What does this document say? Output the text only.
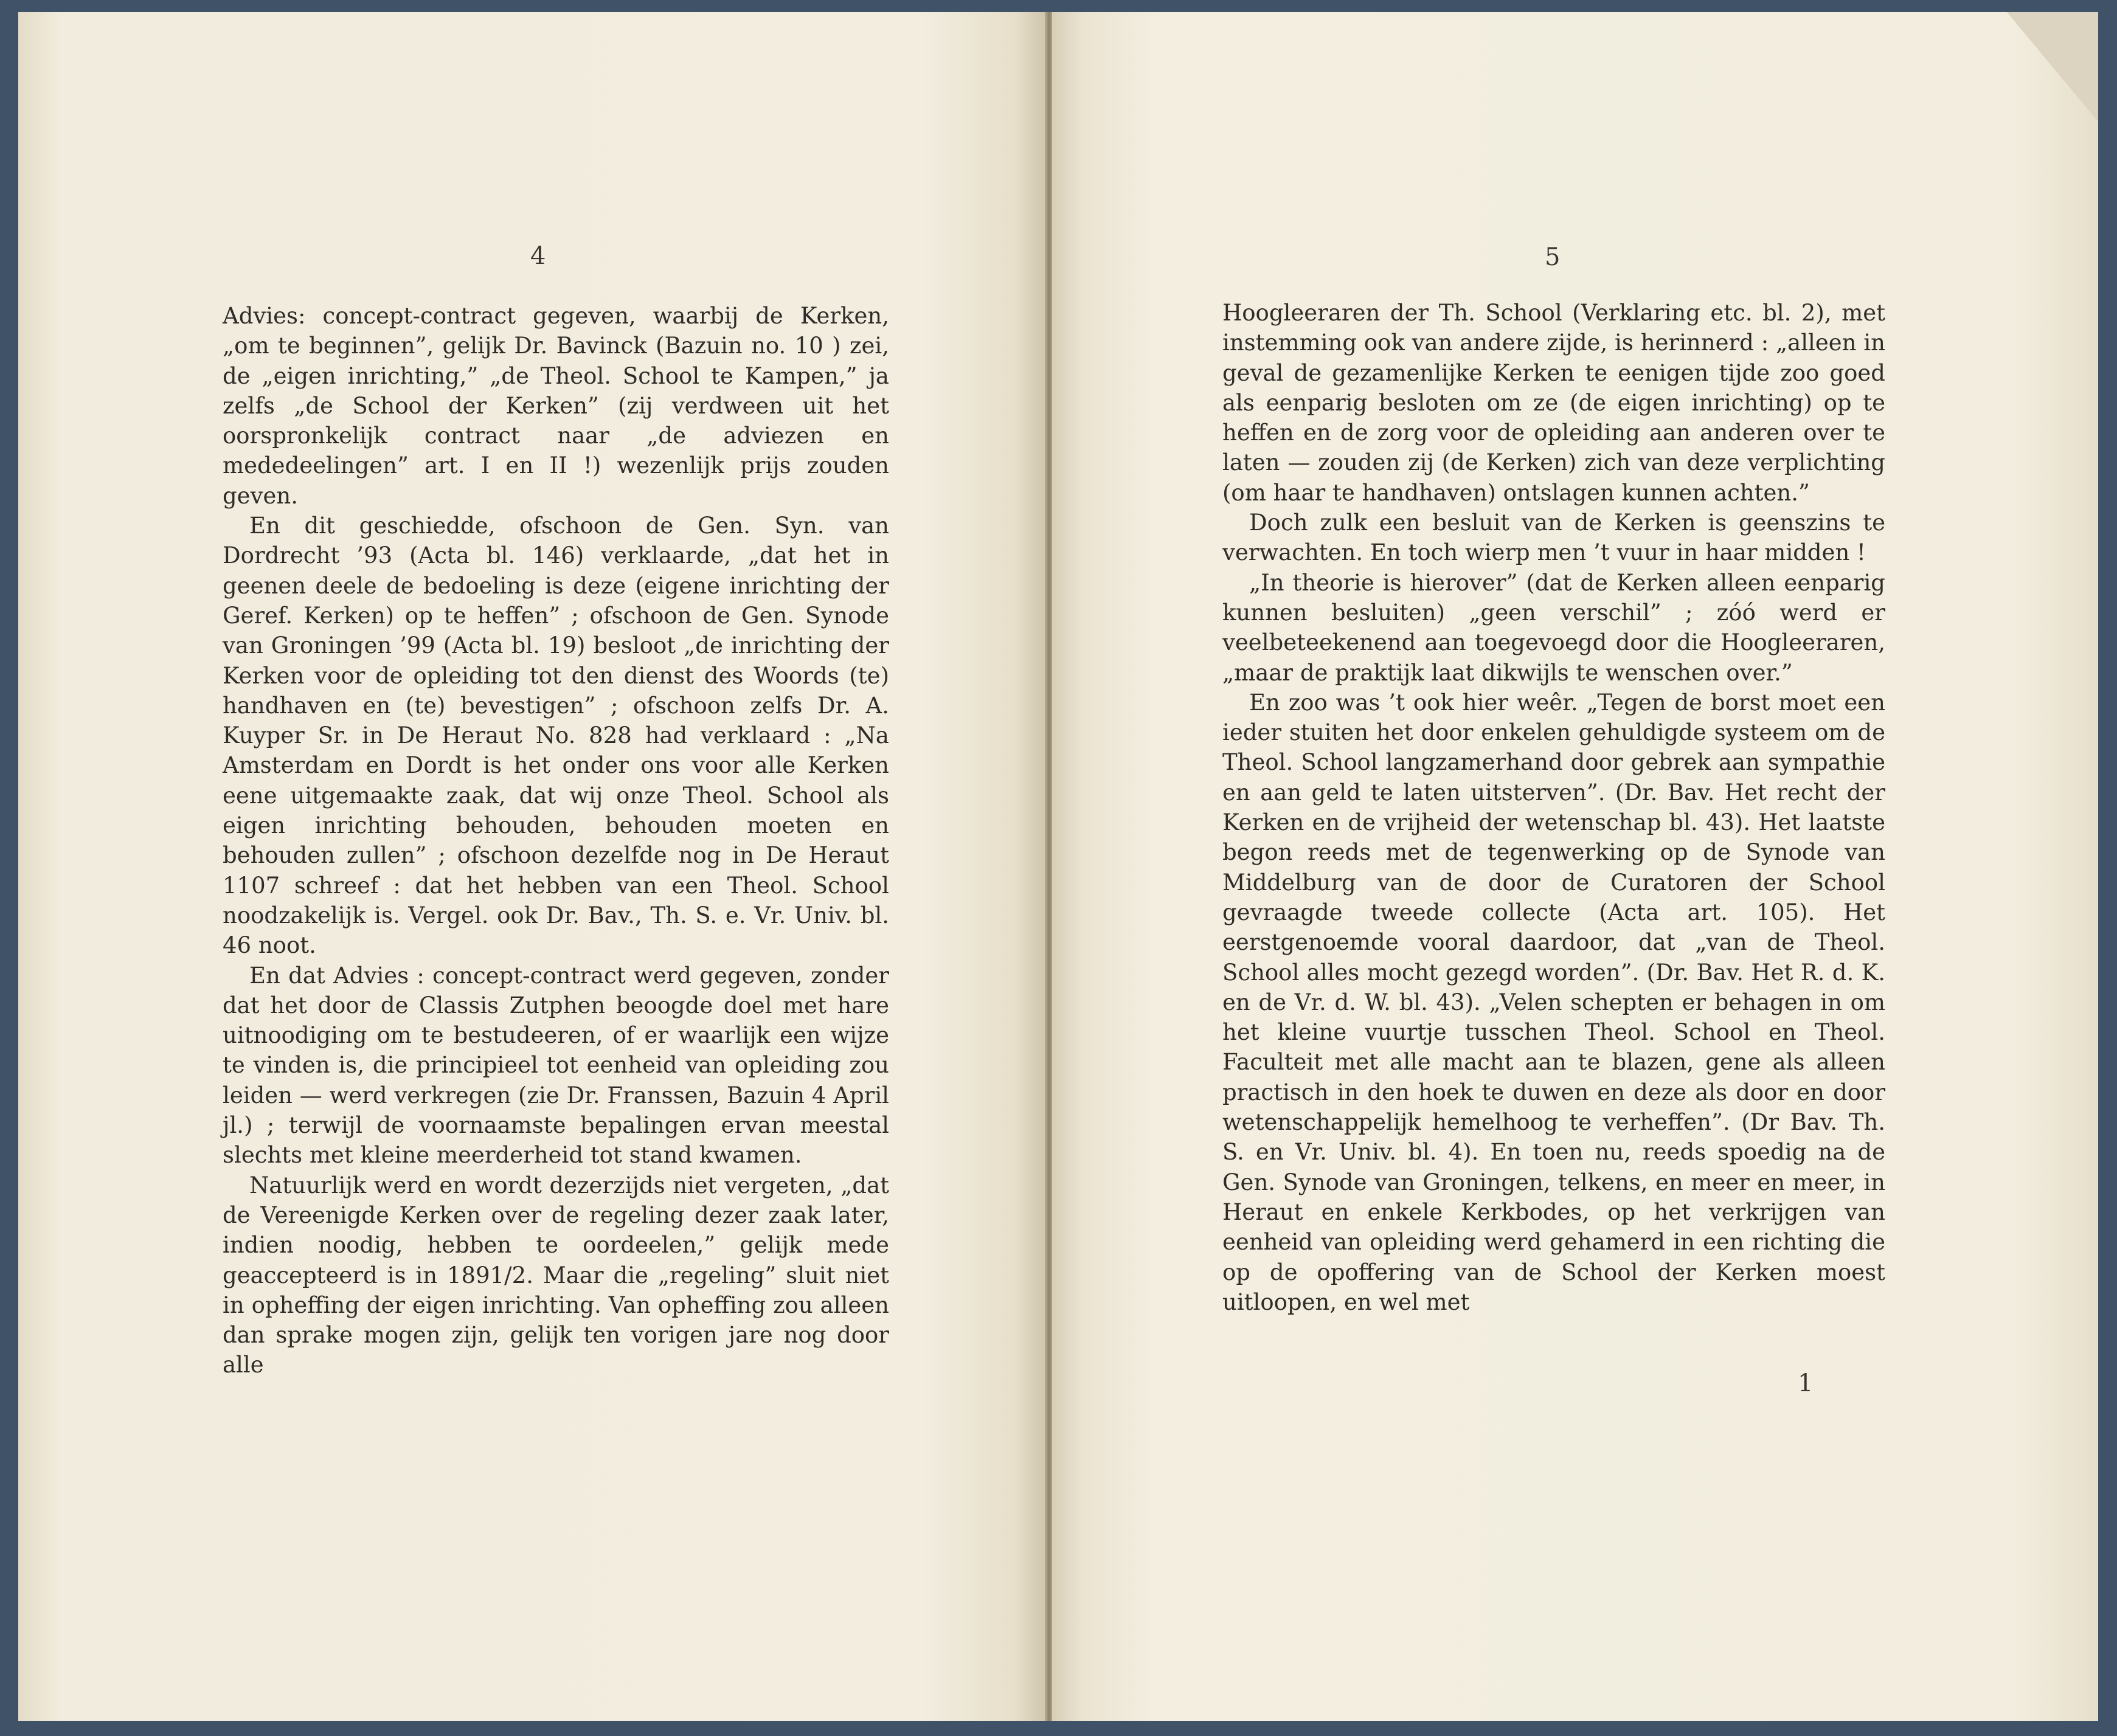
4

Advies: concept-contract gegeven, waarbij de Kerken, „om te beginnen”, gelijk Dr. Bavinck (Bazuin no. 10 ) zei, de „eigen inrichting,” „de Theol. School te Kampen,” ja zelfs „de School der Kerken” (zij verdween uit het oorspronkelijk contract naar „de adviezen en mededeelingen” art. I en II !) wezenlijk prijs zouden geven.

En dit geschiedde, ofschoon de Gen. Syn. van Dordrecht ’93 (Acta bl. 146) verklaarde, „dat het in geenen deele de bedoeling is deze (eigene inrichting der Geref. Kerken) op te heffen” ; ofschoon de Gen. Synode van Groningen ’99 (Acta bl. 19) besloot „de inrichting der Kerken voor de opleiding tot den dienst des Woords (te) handhaven en (te) bevestigen” ; ofschoon zelfs Dr. A. Kuyper Sr. in De Heraut No. 828 had verklaard : „Na Amsterdam en Dordt is het onder ons voor alle Kerken eene uitgemaakte zaak, dat wij onze Theol. School als eigen inrichting behouden, behouden moeten en behouden zullen” ; ofschoon dezelfde nog in De Heraut 1107 schreef : dat het hebben van een Theol. School noodzakelijk is. Vergel. ook Dr. Bav., Th. S. e. Vr. Univ. bl. 46 noot.

En dat Advies : concept-contract werd gegeven, zonder dat het door de Classis Zutphen beoogde doel met hare uitnoodiging om te bestudeeren, of er waarlijk een wijze te vinden is, die principieel tot eenheid van opleiding zou leiden — werd verkregen (zie Dr. Franssen, Bazuin 4 April jl.) ; terwijl de voornaamste bepalingen ervan meestal slechts met kleine meerderheid tot stand kwamen.

Natuurlijk werd en wordt dezerzijds niet vergeten, „dat de Vereenigde Kerken over de regeling dezer zaak later, indien noodig, hebben te oordeelen,” gelijk mede geaccepteerd is in 1891/2. Maar die „regeling” sluit niet in opheffing der eigen inrichting. Van opheffing zou alleen dan sprake mogen zijn, gelijk ten vorigen jare nog door alle

5

Hoogleeraren der Th. School (Verklaring etc. bl. 2), met instemming ook van andere zijde, is herinnerd : „alleen in geval de gezamenlijke Kerken te eenigen tijde zoo goed als eenparig besloten om ze (de eigen inrichting) op te heffen en de zorg voor de opleiding aan anderen over te laten — zouden zij (de Kerken) zich van deze verplichting (om haar te handhaven) ontslagen kunnen achten.”

Doch zulk een besluit van de Kerken is geenszins te verwachten. En toch wierp men ’t vuur in haar midden !

„In theorie is hierover” (dat de Kerken alleen eenparig kunnen besluiten) „geen verschil” ; zóó werd er veelbeteekenend aan toegevoegd door die Hoogleeraren, „maar de praktijk laat dikwijls te wenschen over.”

En zoo was ’t ook hier weêr. „Tegen de borst moet een ieder stuiten het door enkelen gehuldigde systeem om de Theol. School langzamerhand door gebrek aan sympathie en aan geld te laten uitsterven”. (Dr. Bav. Het recht der Kerken en de vrijheid der wetenschap bl. 43). Het laatste begon reeds met de tegenwerking op de Synode van Middelburg van de door de Curatoren der School gevraagde tweede collecte (Acta art. 105). Het eerstgenoemde vooral daardoor, dat „van de Theol. School alles mocht gezegd worden”. (Dr. Bav. Het R. d. K. en de Vr. d. W. bl. 43). „Velen schepten er behagen in om het kleine vuurtje tusschen Theol. School en Theol. Faculteit met alle macht aan te blazen, gene als alleen practisch in den hoek te duwen en deze als door en door wetenschappelijk hemelhoog te verheffen”. (Dr Bav. Th. S. en Vr. Univ. bl. 4). En toen nu, reeds spoedig na de Gen. Synode van Groningen, telkens, en meer en meer, in Heraut en enkele Kerkbodes, op het verkrijgen van eenheid van opleiding werd gehamerd in een richting die op de opoffering van de School der Kerken moest uitloopen, en wel met

1
